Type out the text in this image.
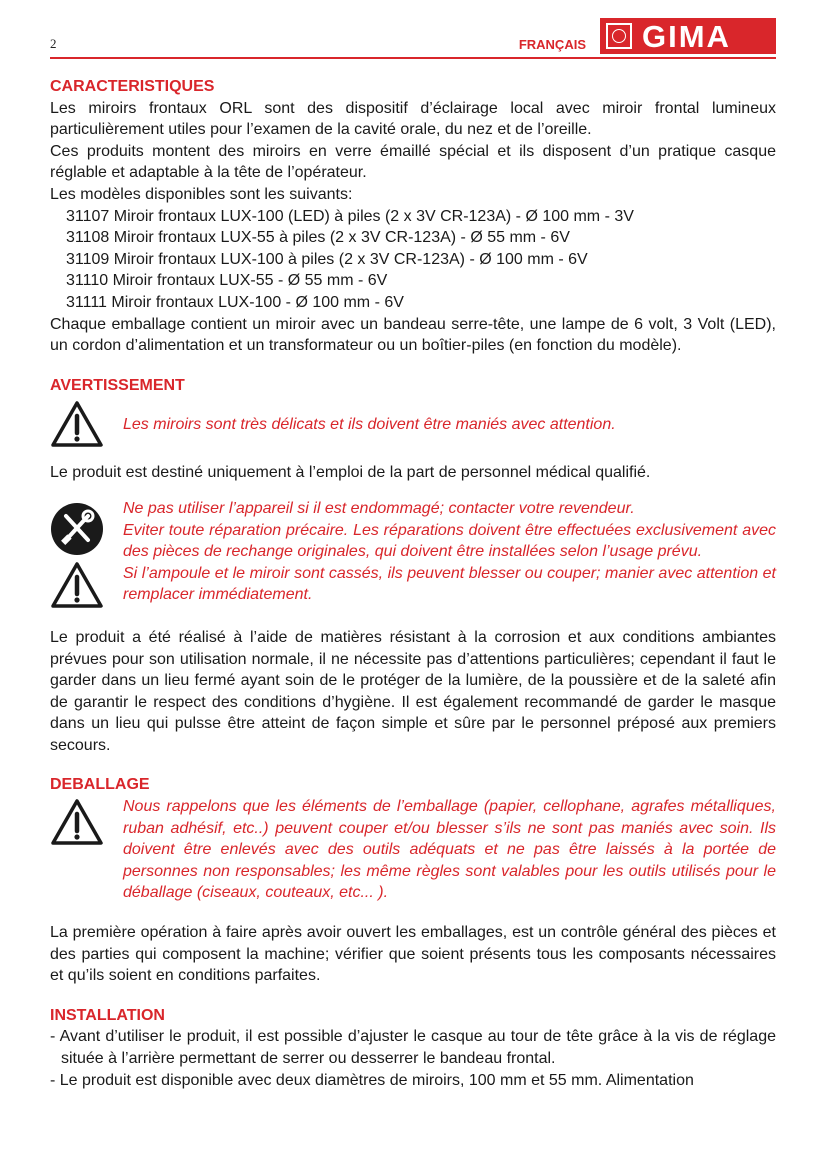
2	FRANÇAIS GIMA
CARACTERISTIQUES

Les miroirs frontaux ORL sont des dispositif d’éclairage local avec miroir frontal lumineux particulièrement utiles pour l’examen de la cavité orale, du nez et de l’oreille.

Ces produits montent des miroirs en verre émaillé spécial et ils disposent d’un pratique casque réglable et adaptable à la tête de l’opérateur.

Les modèles disponibles sont les suivants:

31107 Miroir frontaux LUX-100 (LED) à piles (2 x 3V CR-123A) - Ø 100 mm - 3V
31108 Miroir frontaux LUX-55 à piles (2 x 3V CR-123A) - Ø 55 mm - 6V
31109 Miroir frontaux LUX-100 à piles (2 x 3V CR-123A) - Ø 100 mm - 6V
31110 Miroir frontaux LUX-55 - Ø 55 mm - 6V
31111 Miroir frontaux LUX-100 - Ø 100 mm - 6V

Chaque emballage contient un miroir avec un bandeau serre-tête, une lampe de 6 volt, 3 Volt (LED), un cordon d’alimentation et un transformateur ou un boîtier-piles (en fonction du modèle).

AVERTISSEMENT
Les miroirs sont très délicats et ils doivent être maniés avec attention.

Le produit est destiné uniquement à l’emploi de la part de personnel médical qualifié.

Ne pas utiliser l’appareil si il est endommagé; contacter votre revendeur.
Eviter toute réparation précaire. Les réparations doivent être effectuées exclusivement avec des pièces de rechange originales, qui doivent être installées selon l’usage prévu.
Si l’ampoule et le miroir sont cassés, ils peuvent blesser ou couper; manier avec attention et remplacer immédiatement.

Le produit a été réalisé à l’aide de matières résistant à la corrosion et aux conditions ambiantes prévues pour son utilisation normale, il ne nécessite pas d’attentions particulières; cependant il faut le garder dans un lieu fermé ayant soin de le protéger de la lumière, de la poussière et de la saleté afin de garantir le respect des conditions d’hygiène. Il est également recommandé de garder le masque dans un lieu qui pulsse être atteint de façon simple et sûre par le personnel préposé aux premiers secours.

DEBALLAGE
Nous rappelons que les éléments de l’emballage (papier, cellophane, agrafes métalliques, ruban adhésif, etc..) peuvent couper et/ou blesser s’ils ne sont pas maniés avec soin. Ils doivent être enlevés avec des outils adéquats et ne pas être laissés à la portée de personnes non responsables; les même règles sont valables pour les outils utilisés pour le déballage (ciseaux, couteaux, etc... ).

La première opération à faire après avoir ouvert les emballages, est un contrôle général des pièces et des parties qui composent la machine; vérifier que soient présents tous les composants nécessaires et qu’ils soient en conditions parfaites.

INSTALLATION
- Avant d’utiliser le produit, il est possible d’ajuster le casque au tour de tête grâce à la vis de réglage située à l’arrière permettant de serrer ou desserrer le bandeau frontal.
- Le produit est disponible avec deux diamètres de miroirs, 100 mm et 55 mm. Alimentation
